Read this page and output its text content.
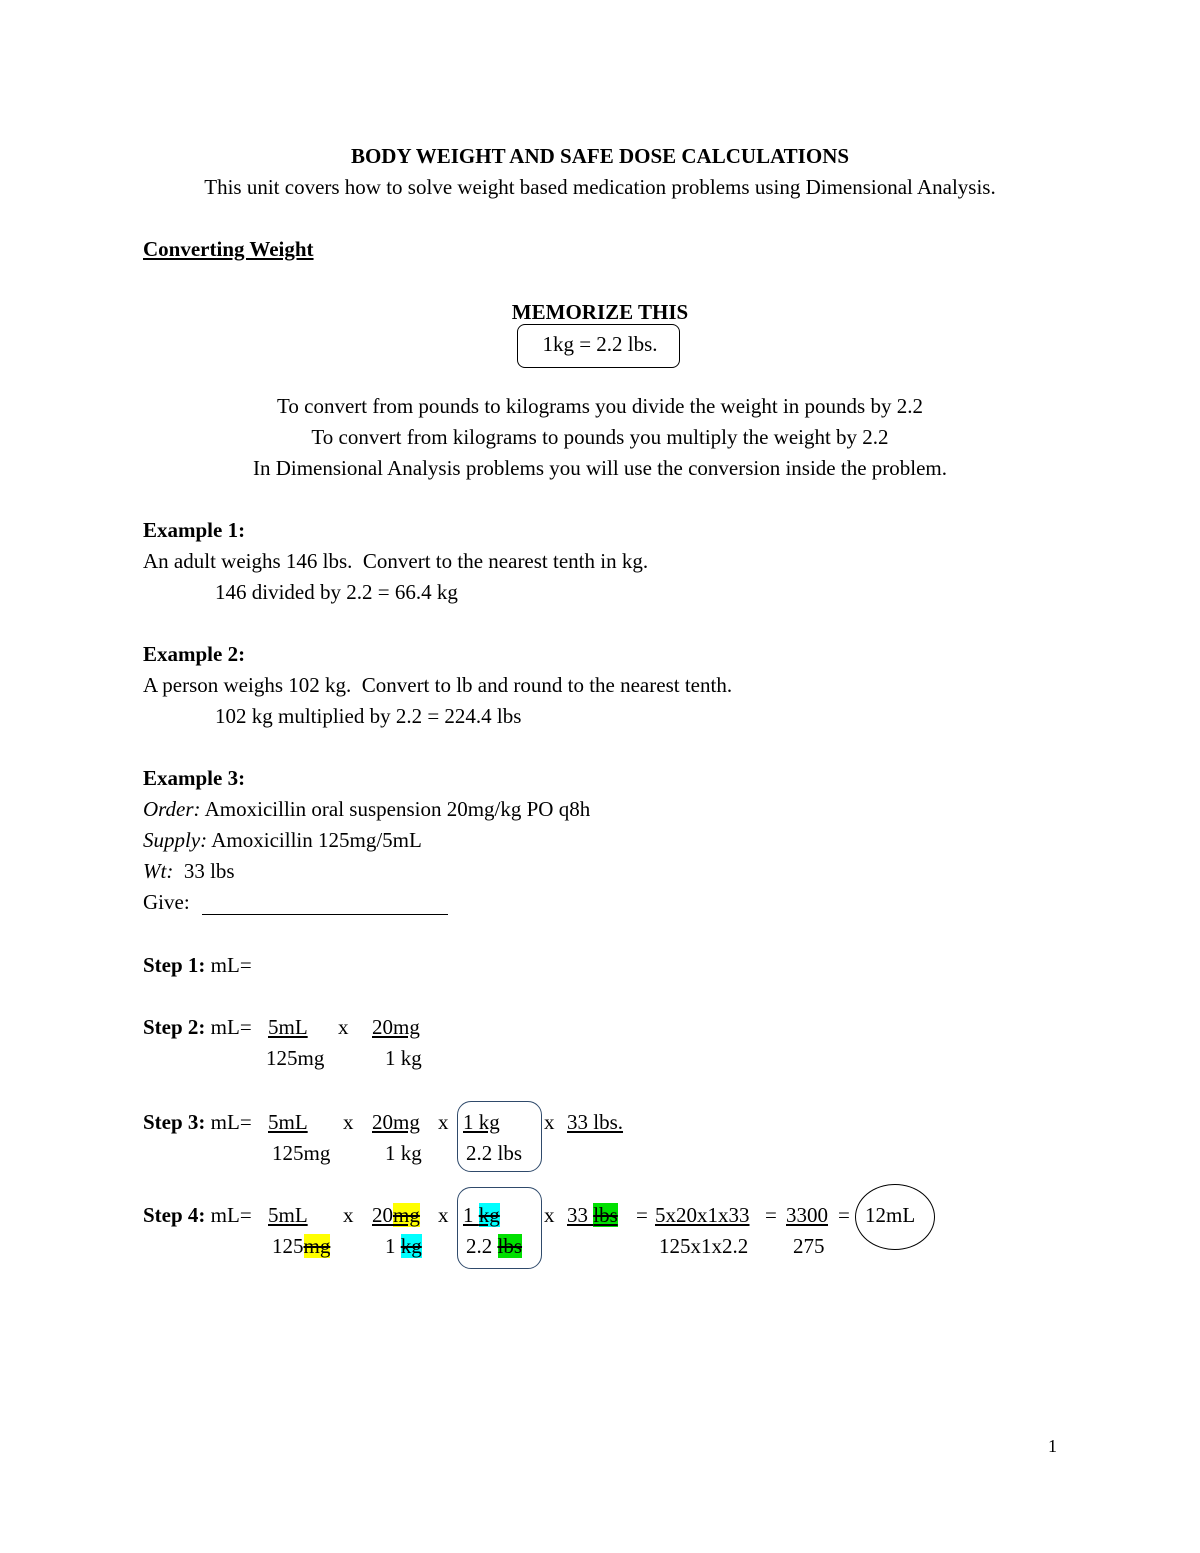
BODY WEIGHT AND SAFE DOSE CALCULATIONS
This unit covers how to solve weight based medication problems using Dimensional Analysis.
Converting Weight
MEMORIZE THIS
1kg = 2.2 lbs.
To convert from pounds to kilograms you divide the weight in pounds by 2.2
To convert from kilograms to pounds you multiply the weight by 2.2
In Dimensional Analysis problems you will use the conversion inside the problem.
Example 1:
An adult weighs 146 lbs.  Convert to the nearest tenth in kg.
146 divided by 2.2 = 66.4 kg
Example 2:
A person weighs 102 kg.  Convert to lb and round to the nearest tenth.
102 kg multiplied by 2.2 = 224.4 lbs
Example 3:
Order: Amoxicillin oral suspension 20mg/kg PO q8h
Supply: Amoxicillin 125mg/5mL
Wt:  33 lbs
Give:
Step 1: mL=
Step 2: mL= 5mL	x 20mg
125mg	1 kg
Step 3: mL= 5mL	x 20mg x 1 kg	x 33 lbs.
125mg	1 kg 2.2 lbs
Step 4: mL= 5mL	x 20mg x 1 kg	x 33 lbs = 5x20x1x33 = 3300 = 12mL
125mg	1 kg 2.2 lbs	125x1x2.2 275
1
